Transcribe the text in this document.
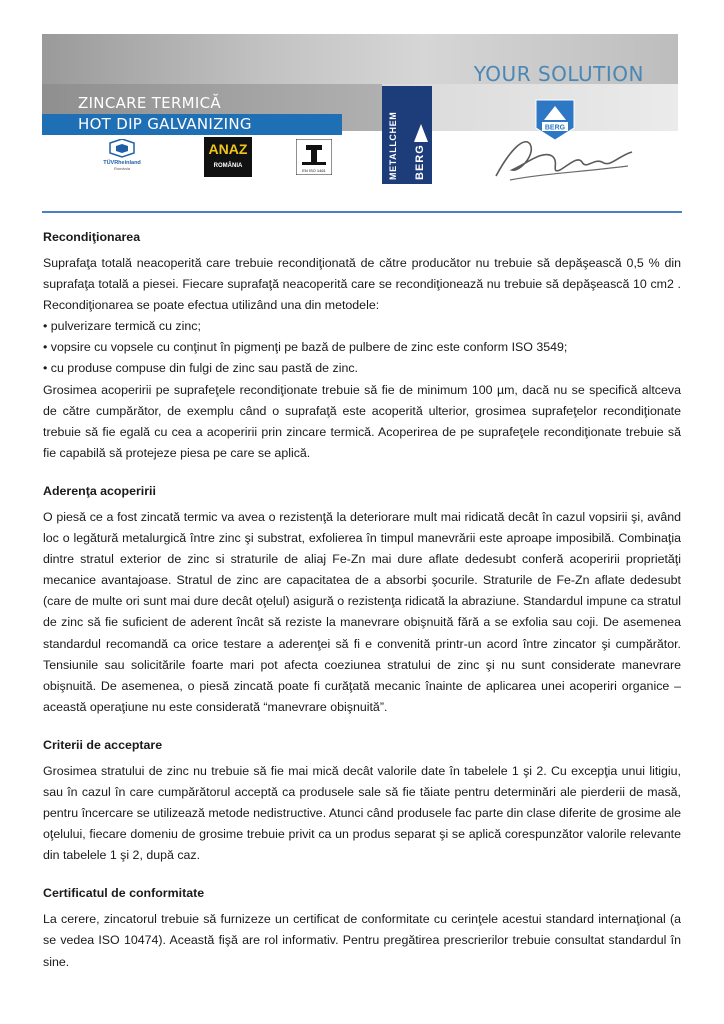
YOUR SOLUTION
ZINCARE TERMICĂ
HOT DIP GALVANIZING
TÜVRheinland
România
ANAZ
ROMÂNIA
EN ISO 1461	METALLCHEM BERG
BERG
Recondiţionarea
Suprafaţa totală neacoperită care trebuie recondiţionată de către producător nu trebuie să depăşească 0,5 % din suprafaţa totală a piesei. Fiecare suprafaţă neacoperită care se recondiţionează nu trebuie să depăşească 10 cm2 . Recondiţionarea se poate efectua utilizând una din metodele:
• pulverizare termică cu zinc;
• vopsire cu vopsele cu conţinut în pigmenţi pe bază de pulbere de zinc este conform ISO 3549;
• cu produse compuse din fulgi de zinc sau pastă de zinc.
Grosimea acoperirii pe suprafeţele recondiţionate trebuie să fie de minimum 100 µm, dacă nu se specifică altceva de către cumpărător, de exemplu când o suprafaţă este acoperită ulterior, grosimea suprafeţelor recondiţionate trebuie să fie egală cu cea a acoperirii prin zincare termică. Acoperirea de pe suprafeţele recondiţionate trebuie să fie capabilă să protejeze piesa pe care se aplică.
Aderenţa acoperirii
O piesă ce a fost zincată termic va avea o rezistenţă la deteriorare mult mai ridicată decât în cazul vopsirii şi, având loc o legătură metalurgică între zinc şi substrat, exfolierea în timpul manevrării este aproape imposibilă. Combinaţia dintre stratul exterior de zinc si straturile de aliaj Fe-Zn mai dure aflate dedesubt conferă acoperirii proprietăţi mecanice avantajoase. Stratul de zinc are capacitatea de a absorbi şocurile. Straturile de Fe-Zn aflate dedesubt (care de multe ori sunt mai dure decât oţelul) asigură o rezistenţa ridicată la abraziune. Standardul impune ca stratul de zinc să fie suficient de aderent încât să reziste la manevrare obişnuită fără a se exfolia sau coji. De asemenea standardul recomandă ca orice testare a aderenţei să fi e convenită printr-un acord între zincator şi cumpărător. Tensiunile sau solicitările foarte mari pot afecta coeziunea stratului de zinc şi nu sunt considerate manevrare obişnuită. De asemenea, o piesă zincată poate fi curăţată mecanic înainte de aplicarea unei acoperiri organice – această operaţiune nu este considerată “manevrare obişnuită”.
Criterii de acceptare
Grosimea stratului de zinc nu trebuie să fie mai mică decât valorile date în tabelele 1 şi 2. Cu excepţia unui litigiu, sau în cazul în care cumpărătorul acceptă ca produsele sale să fie tăiate pentru determinări ale pierderii de masă, pentru încercare se utilizează metode nedistructive. Atunci când produsele fac parte din clase diferite de grosime ale oţelului, fiecare domeniu de grosime trebuie privit ca un produs separat şi se aplică corespunzător valorile relevante din tabelele 1 şi 2, după caz.
Certificatul de conformitate
La cerere, zincatorul trebuie să furnizeze un certificat de conformitate cu cerinţele acestui standard internaţional (a se vedea ISO 10474). Această fişă are rol informativ. Pentru pregătirea prescrierilor trebuie consultat standardul în sine.
